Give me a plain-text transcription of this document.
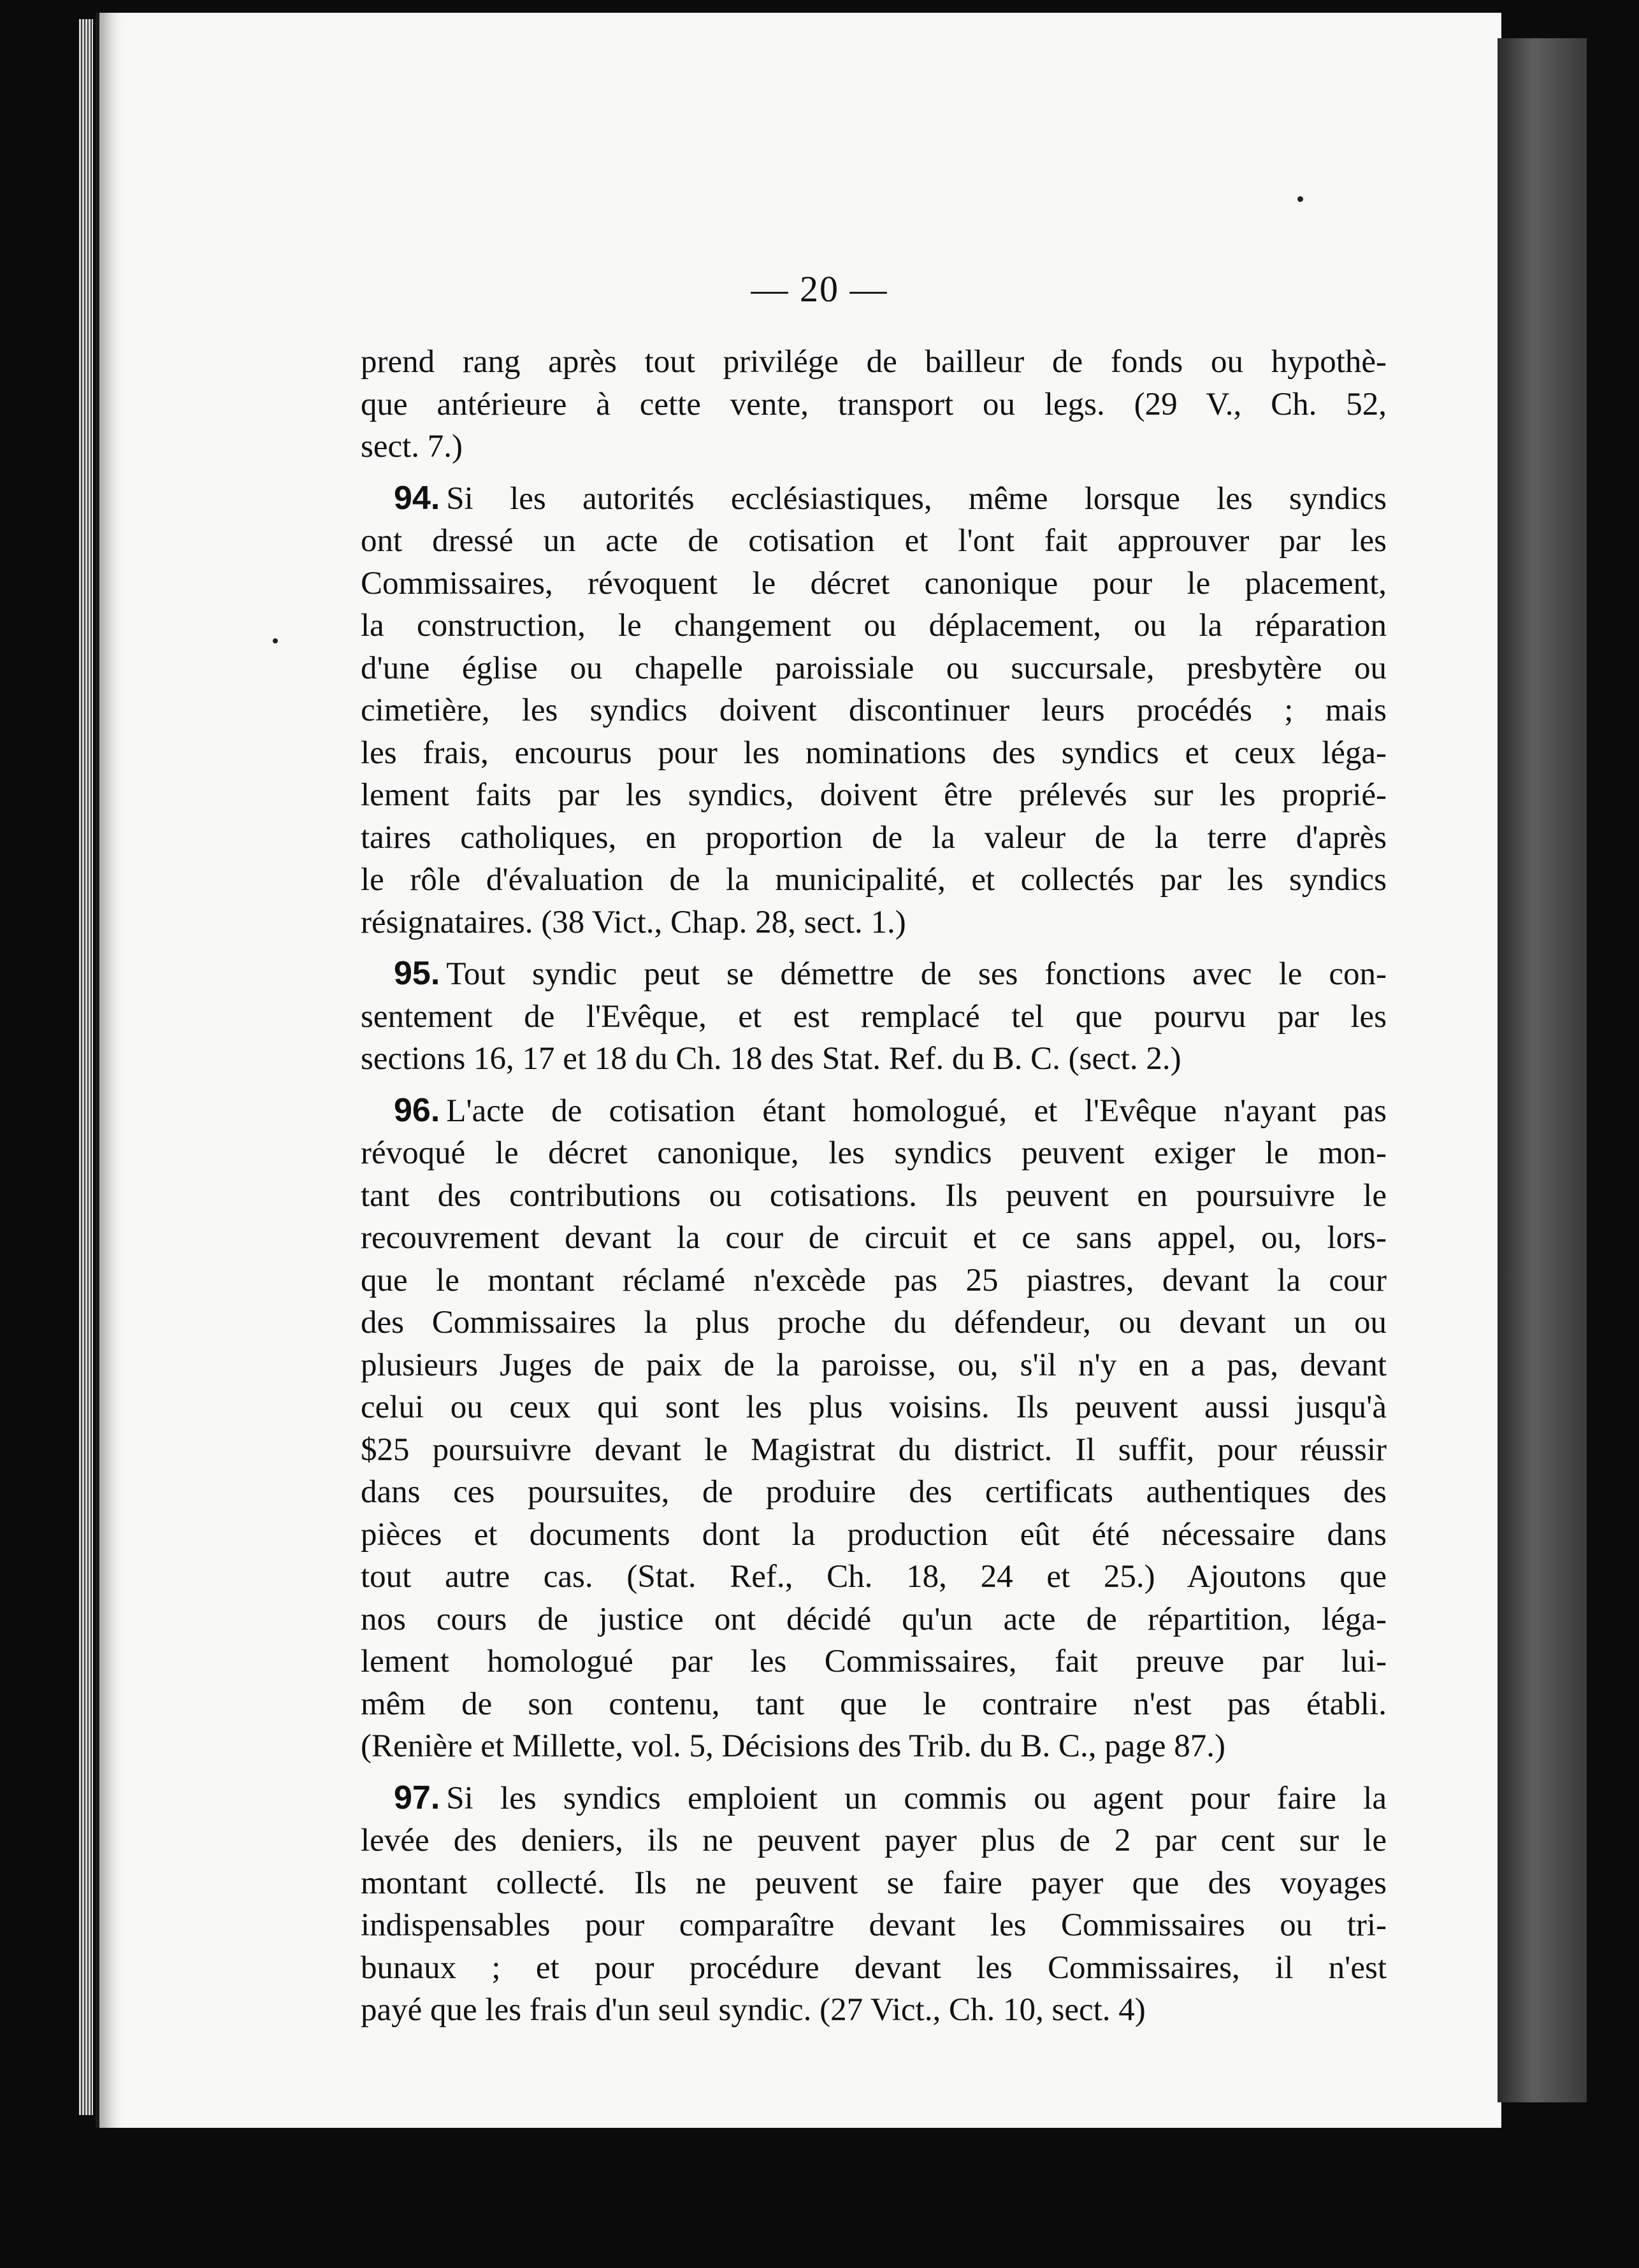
— 20 —
prend rang après tout privilége de bailleur de fonds ou hypothè-
que antérieure à cette vente, transport ou legs. (29 V., Ch. 52,
sect. 7.)
94. Si les autorités ecclésiastiques, même lorsque les syndics
ont dressé un acte de cotisation et l'ont fait approuver par les
Commissaires, révoquent le décret canonique pour le placement,
la construction, le changement ou déplacement, ou la réparation
d'une église ou chapelle paroissiale ou succursale, presbytère ou
cimetière, les syndics doivent discontinuer leurs procédés ; mais
les frais, encourus pour les nominations des syndics et ceux léga-
lement faits par les syndics, doivent être prélevés sur les proprié-
taires catholiques, en proportion de la valeur de la terre d'après
le rôle d'évaluation de la municipalité, et collectés par les syndics
résignataires. (38 Vict., Chap. 28, sect. 1.)
95. Tout syndic peut se démettre de ses fonctions avec le con-
sentement de l'Evêque, et est remplacé tel que pourvu par les
sections 16, 17 et 18 du Ch. 18 des Stat. Ref. du B. C. (sect. 2.)
96. L'acte de cotisation étant homologué, et l'Evêque n'ayant pas
révoqué le décret canonique, les syndics peuvent exiger le mon-
tant des contributions ou cotisations. Ils peuvent en poursuivre le
recouvrement devant la cour de circuit et ce sans appel, ou, lors-
que le montant réclamé n'excède pas 25 piastres, devant la cour
des Commissaires la plus proche du défendeur, ou devant un ou
plusieurs Juges de paix de la paroisse, ou, s'il n'y en a pas, devant
celui ou ceux qui sont les plus voisins. Ils peuvent aussi jusqu'à
$25 poursuivre devant le Magistrat du district. Il suffit, pour réussir
dans ces poursuites, de produire des certificats authentiques des
pièces et documents dont la production eût été nécessaire dans
tout autre cas. (Stat. Ref., Ch. 18, 24 et 25.) Ajoutons que
nos cours de justice ont décidé qu'un acte de répartition, léga-
lement homologué par les Commissaires, fait preuve par lui-
mêm de son contenu, tant que le contraire n'est pas établi.
(Renière et Millette, vol. 5, Décisions des Trib. du B. C., page 87.)
97. Si les syndics emploient un commis ou agent pour faire la
levée des deniers, ils ne peuvent payer plus de 2 par cent sur le
montant collecté. Ils ne peuvent se faire payer que des voyages
indispensables pour comparaître devant les Commissaires ou tri-
bunaux ; et pour procédure devant les Commissaires, il n'est
payé que les frais d'un seul syndic. (27 Vict., Ch. 10, sect. 4)
